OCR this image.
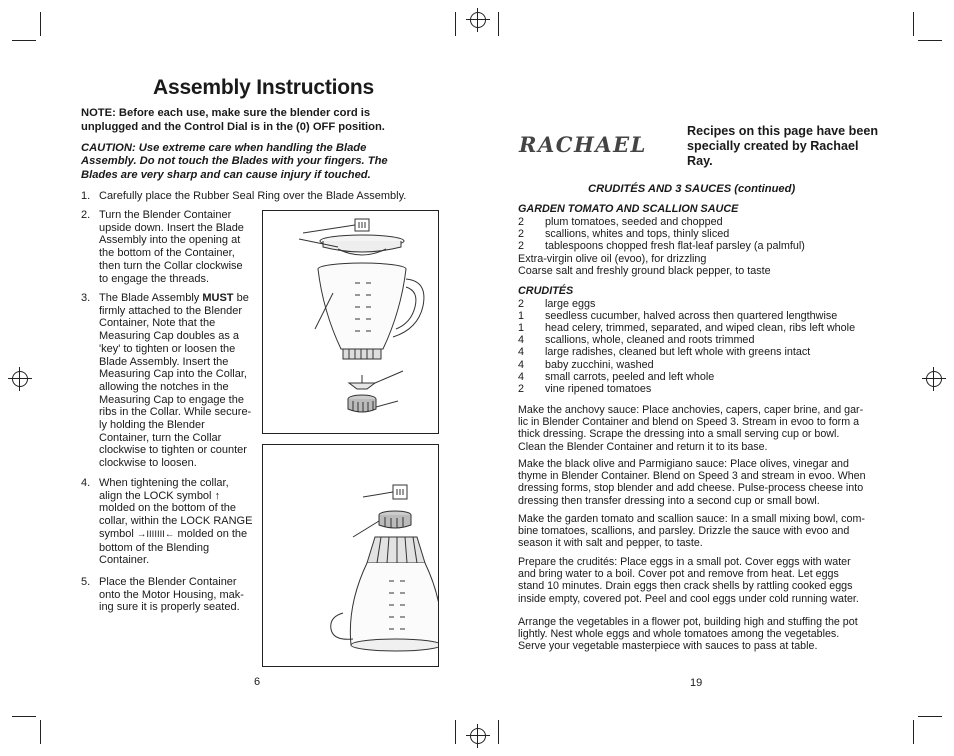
Assembly Instructions
NOTE: Before each use, make sure the blender cord is unplugged and the Control Dial is in the (0) OFF position.
CAUTION: Use extreme care when handling the Blade Assembly. Do not touch the Blades with your fingers. The Blades are very sharp and can cause injury if touched.
1. Carefully place the Rubber Seal Ring over the Blade Assembly.
2. Turn the Blender Container
upside down. Insert the Blade
Assembly into the opening at
the bottom of the Container,
then turn the Collar clockwise
to engage the threads.
3. The Blade Assembly MUST be
firmly attached to the Blender
Container, Note that the
Measuring Cap doubles as a
'key' to tighten or loosen the
Blade Assembly. Insert the
Measuring Cap into the Collar,
allowing the notches in the
Measuring Cap to engage the
ribs in the Collar. While secure-
ly holding the Blender
Container, turn the Collar
clockwise to tighten or counter
clockwise to loosen.
4. When tightening the collar,
align the LOCK symbol ↑
molded on the bottom of the
collar, within the LOCK RANGE
symbol →IIIIIII← molded on the
bottom of the Blending
Container.
5. Place the Blender Container
onto the Motor Housing, mak-
ing sure it is properly seated.
6
RACHAEL
Recipes on this page have been specially created by Rachael Ray.
CRUDITÉS AND 3 SAUCES (continued)
GARDEN TOMATO AND SCALLION SAUCE
2 plum tomatoes, seeded and chopped
2 scallions, whites and tops, thinly sliced
2 tablespoons chopped fresh flat-leaf parsley (a palmful)
Extra-virgin olive oil (evoo), for drizzling
Coarse salt and freshly ground black pepper, to taste
CRUDITÉS
2 large eggs
1 seedless cucumber, halved across then quartered lengthwise
1 head celery, trimmed, separated, and wiped clean, ribs left whole
4 scallions, whole, cleaned and roots trimmed
4 large radishes, cleaned but left whole with greens intact
4 baby zucchini, washed
4 small carrots, peeled and left whole
2 vine ripened tomatoes
Make the anchovy sauce: Place anchovies, capers, caper brine, and gar-
lic in Blender Container and blend on Speed 3. Stream in evoo to form a
thick dressing. Scrape the dressing into a small serving cup or bowl.
Clean the Blender Container and return it to its base.
Make the black olive and Parmigiano sauce: Place olives, vinegar and
thyme in Blender Container. Blend on Speed 3 and stream in evoo. When
dressing forms, stop blender and add cheese. Pulse-process cheese into
dressing then transfer dressing into a second cup or small bowl.
Make the garden tomato and scallion sauce: In a small mixing bowl, com-
bine tomatoes, scallions, and parsley. Drizzle the sauce with evoo and
season it with salt and pepper, to taste.
Prepare the crudités: Place eggs in a small pot. Cover eggs with water
and bring water to a boil. Cover pot and remove from heat. Let eggs
stand 10 minutes. Drain eggs then crack shells by rattling cooked eggs
inside empty, covered pot. Peel and cool eggs under cold running water.
Arrange the vegetables in a flower pot, building high and stuffing the pot
lightly. Nest whole eggs and whole tomatoes among the vegetables.
Serve your vegetable masterpiece with sauces to pass at table.
19
